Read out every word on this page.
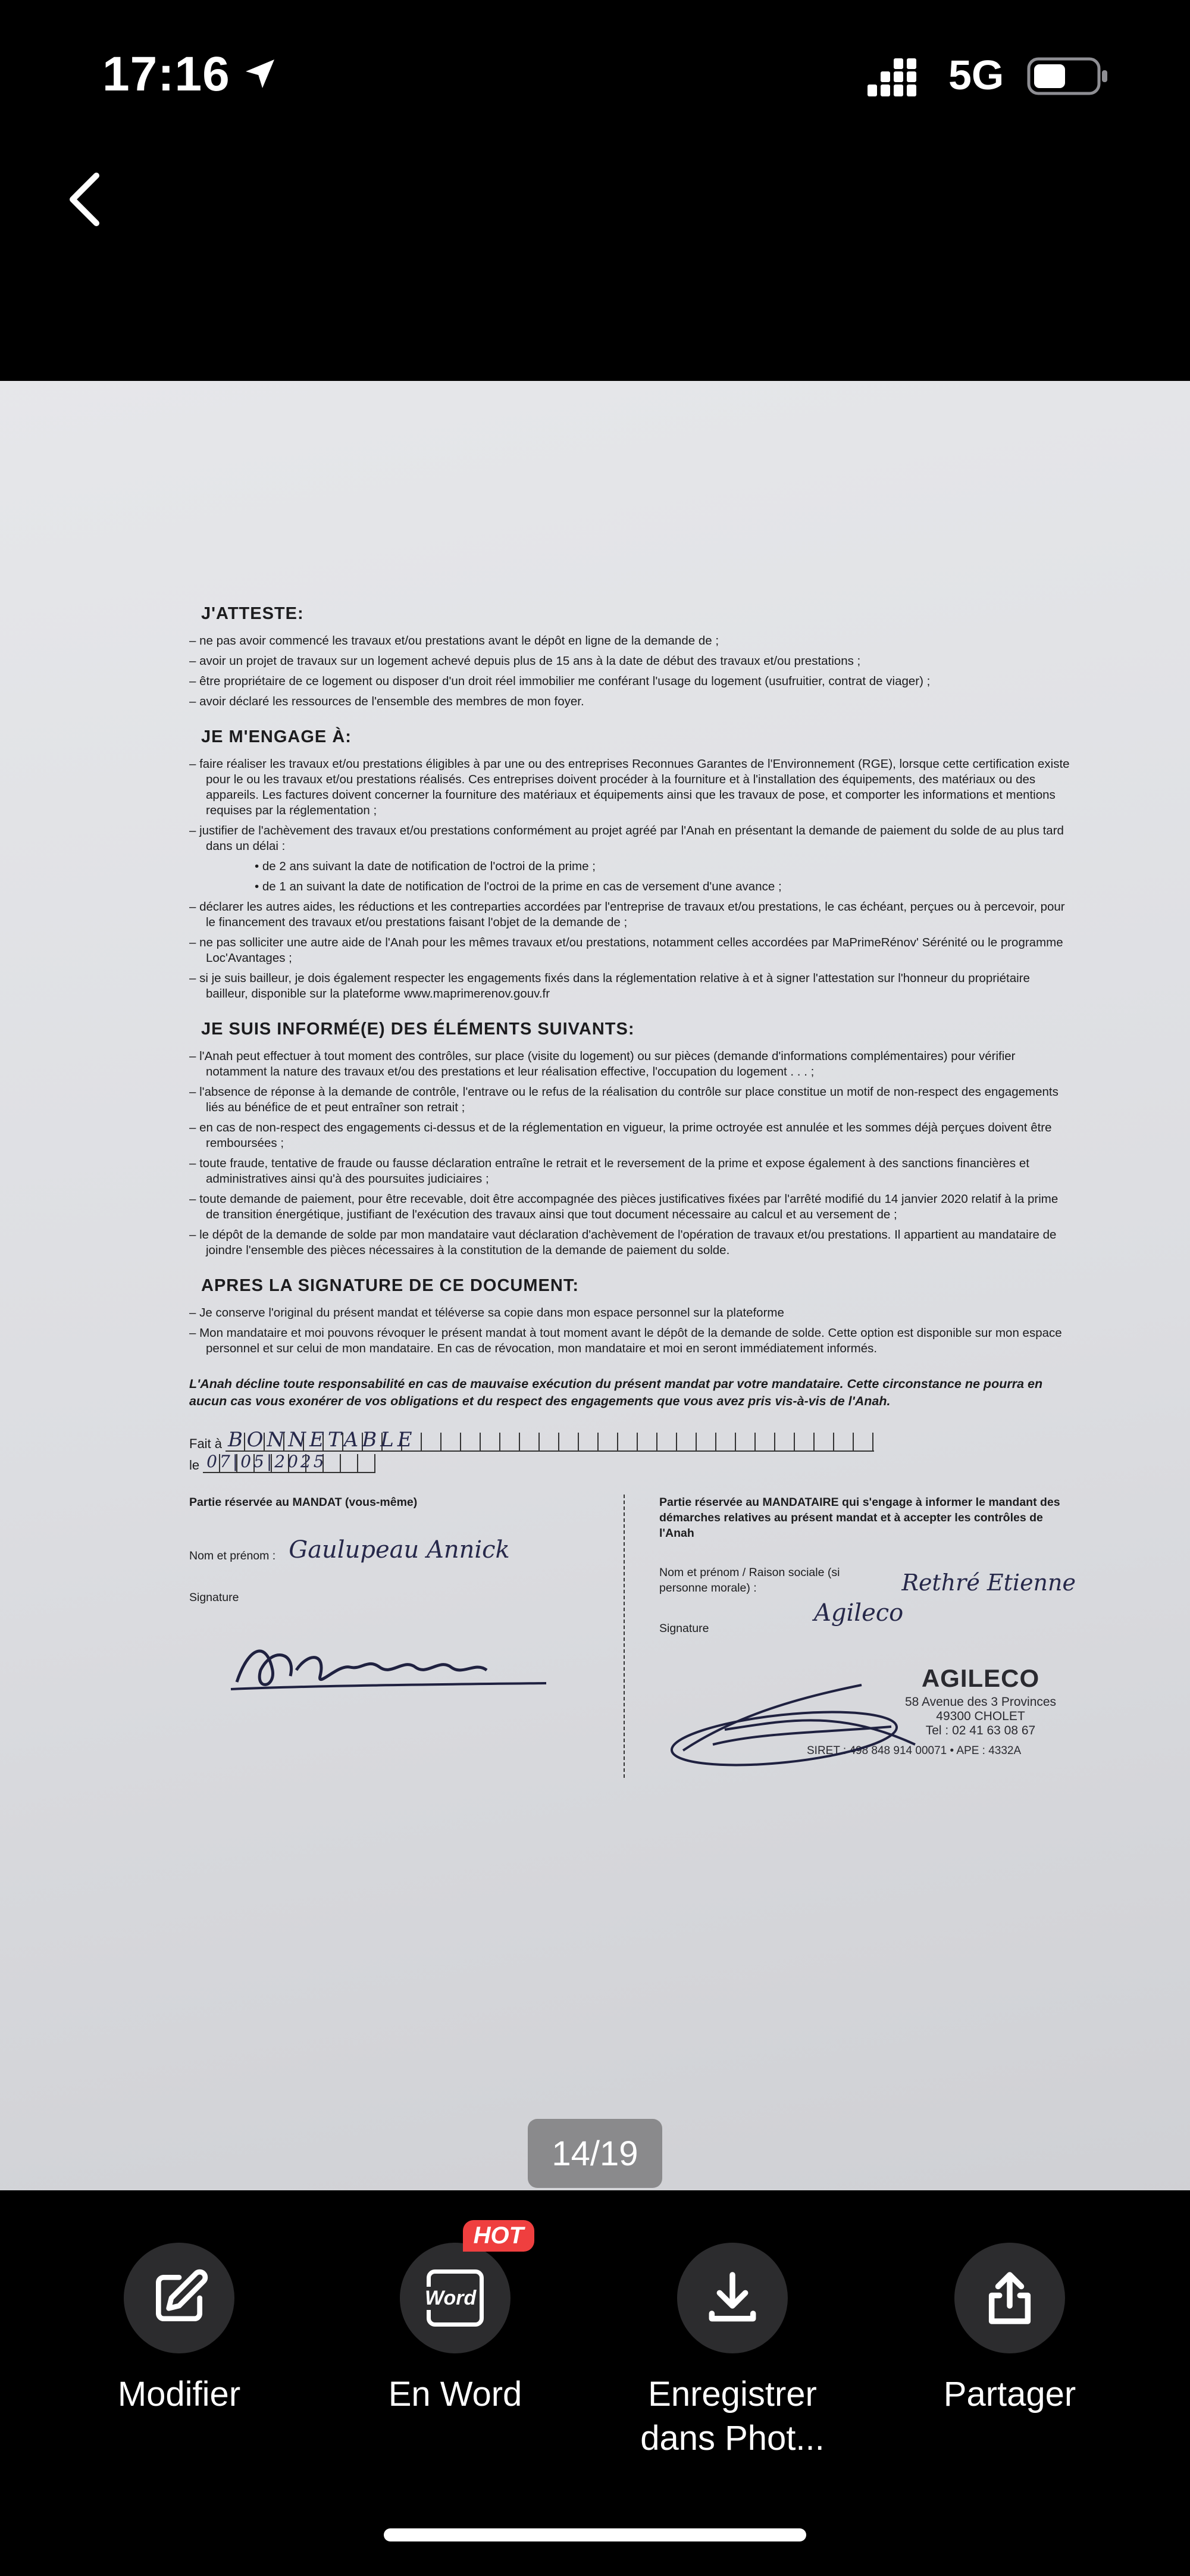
17:16	5G
J'ATTESTE:
– ne pas avoir commencé les travaux et/ou prestations avant le dépôt en ligne de la demande de ;
– avoir un projet de travaux sur un logement achevé depuis plus de 15 ans à la date de début des travaux et/ou prestations ;
– être propriétaire de ce logement ou disposer d'un droit réel immobilier me conférant l'usage du logement (usufruitier, contrat de viager) ;
– avoir déclaré les ressources de l'ensemble des membres de mon foyer.
JE M'ENGAGE À:
– faire réaliser les travaux et/ou prestations éligibles à par une ou des entreprises Reconnues Garantes de l'Environnement (RGE), lorsque cette certification existe pour le ou les travaux et/ou prestations réalisés. Ces entreprises doivent procéder à la fourniture et à l'installation des équipements, des matériaux ou des appareils. Les factures doivent concerner la fourniture des matériaux et équipements ainsi que les travaux de pose, et comporter les informations et mentions requises par la réglementation ;
– justifier de l'achèvement des travaux et/ou prestations conformément au projet agréé par l'Anah en présentant la demande de paiement du solde de au plus tard dans un délai :
• de 2 ans suivant la date de notification de l'octroi de la prime ;
• de 1 an suivant la date de notification de l'octroi de la prime en cas de versement d'une avance ;
– déclarer les autres aides, les réductions et les contreparties accordées par l'entreprise de travaux et/ou prestations, le cas échéant, perçues ou à percevoir, pour le financement des travaux et/ou prestations faisant l'objet de la demande de ;
– ne pas solliciter une autre aide de l'Anah pour les mêmes travaux et/ou prestations, notamment celles accordées par MaPrimeRénov' Sérénité ou le programme Loc'Avantages ;
– si je suis bailleur, je dois également respecter les engagements fixés dans la réglementation relative à et à signer l'attestation sur l'honneur du propriétaire bailleur, disponible sur la plateforme www.maprimerenov.gouv.fr
JE SUIS INFORMÉ(E) DES ÉLÉMENTS SUIVANTS:
– l'Anah peut effectuer à tout moment des contrôles, sur place (visite du logement) ou sur pièces (demande d'informations complémentaires) pour vérifier notamment la nature des travaux et/ou des prestations et leur réalisation effective, l'occupation du logement . . . ;
– l'absence de réponse à la demande de contrôle, l'entrave ou le refus de la réalisation du contrôle sur place constitue un motif de non-respect des engagements liés au bénéfice de et peut entraîner son retrait ;
– en cas de non-respect des engagements ci-dessus et de la réglementation en vigueur, la prime octroyée est annulée et les sommes déjà perçues doivent être remboursées ;
– toute fraude, tentative de fraude ou fausse déclaration entraîne le retrait et le reversement de la prime et expose également à des sanctions financières et administratives ainsi qu'à des poursuites judiciaires ;
– toute demande de paiement, pour être recevable, doit être accompagnée des pièces justificatives fixées par l'arrêté modifié du 14 janvier 2020 relatif à la prime de transition énergétique, justifiant de l'exécution des travaux ainsi que tout document nécessaire au calcul et au versement de ;
– le dépôt de la demande de solde par mon mandataire vaut déclaration d'achèvement de l'opération de travaux et/ou prestations. Il appartient au mandataire de joindre l'ensemble des pièces nécessaires à la constitution de la demande de paiement du solde.
APRES LA SIGNATURE DE CE DOCUMENT:
– Je conserve l'original du présent mandat et téléverse sa copie dans mon espace personnel sur la plateforme
– Mon mandataire et moi pouvons révoquer le présent mandat à tout moment avant le dépôt de la demande de solde. Cette option est disponible sur mon espace personnel et sur celui de mon mandataire. En cas de révocation, mon mandataire et moi en seront immédiatement informés.
L'Anah décline toute responsabilité en cas de mauvaise exécution du présent mandat par votre mandataire. Cette circonstance ne pourra en aucun cas vous exonérer de vos obligations et du respect des engagements que vous avez pris vis-à-vis de l'Anah.
Fait à BONNETABLE
le 07|05|2025
Partie réservée au MANDAT (vous-même)
Nom et prénom : Gaulupeau Annick
Signature
Partie réservée au MANDATAIRE qui s'engage à informer le mandant des démarches relatives au présent mandat et à accepter les contrôles de l'Anah
Nom et prénom / Raison sociale (si personne morale) :	Rethré Etienne
Agileco
Signature
AGILECO
58 Avenue des 3 Provinces
49300 CHOLET
Tel : 02 41 63 08 67
SIRET : 498 848 914 00071 • APE : 4332A
14/19
Modifier
Word
HOT
En Word	Enregistrer dans Phot...
Partager
